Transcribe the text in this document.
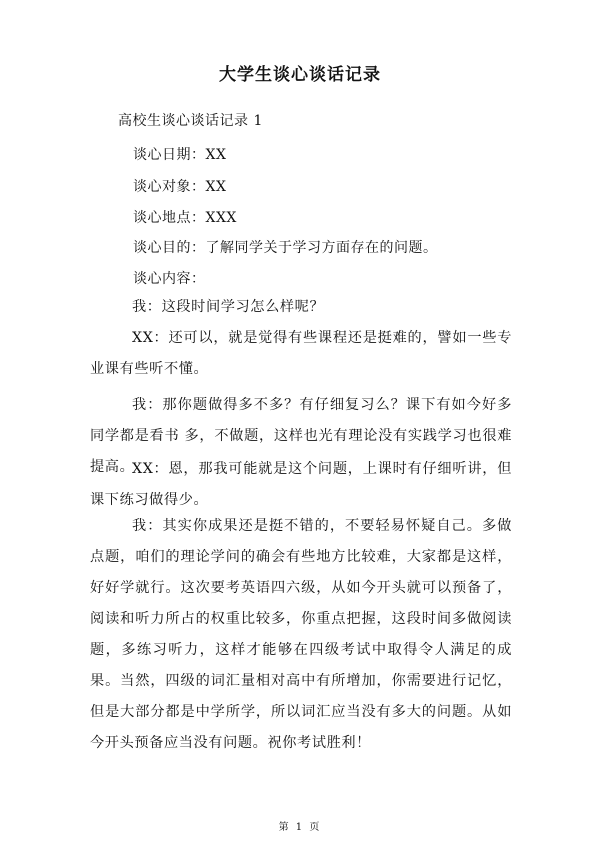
大学生谈心谈话记录
高校生谈心谈话记录 1
谈心日期：XX
谈心对象：XX
谈心地点：XXX
谈心目的：了解同学关于学习方面存在的问题。
谈心内容：
我：这段时间学习怎么样呢？
XX：还可以，就是觉得有些课程还是挺难的，譬如一些专业课有些听不懂。
我：那你题做得多不多？有仔细复习么？课下有如今好多同学都是看书 多，不做题，这样也光有理论没有实践学习也很难提高。
XX：恩，那我可能就是这个问题，上课时有仔细听讲，但课下练习做得少。
我：其实你成果还是挺不错的，不要轻易怀疑自己。多做点题，咱们的理论学问的确会有些地方比较难，大家都是这样， 好好学就行。这次要考英语四六级，从如今开头就可以预备了，阅读和听力所占的权重比较多，你重点把握，这段时间多做阅读题，多练习听力，这样才能够在四级考试中取得令人满足的成果。当然，四级的词汇量相对高中有所增加，你需要进行记忆，但是大部分都是中学所学，所以词汇应当没有多大的问题。从如今开头预备应当没有问题。祝你考试胜利！
第 1 页
